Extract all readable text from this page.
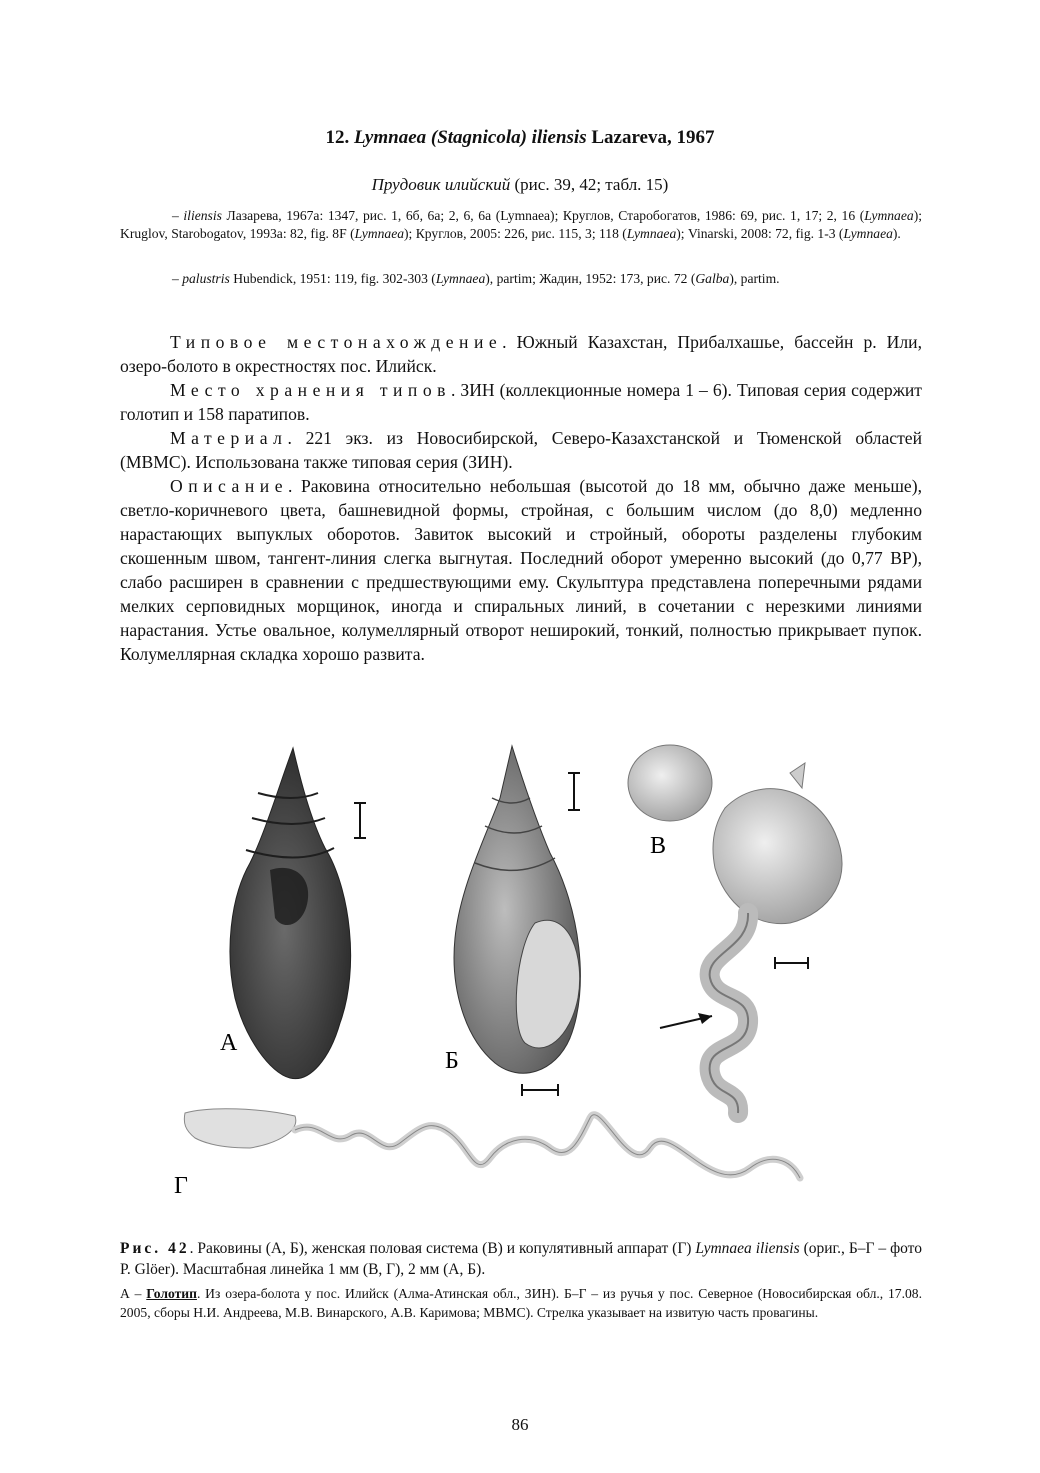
12. Lymnaea (Stagnicola) iliensis Lazareva, 1967
Прудовик илийский (рис. 39, 42; табл. 15)
– iliensis Лазарева, 1967а: 1347, рис. 1, 6б, 6а; 2, 6, 6а (Lymnaea); Круглов, Старобогатов, 1986: 69, рис. 1, 17; 2, 16 (Lymnaea); Kruglov, Starobogatov, 1993a: 82, fig. 8F (Lymnaea); Круглов, 2005: 226, рис. 115, 3; 118 (Lymnaea); Vinarski, 2008: 72, fig. 1-3 (Lymnaea).
– palustris Hubendick, 1951: 119, fig. 302-303 (Lymnaea), partim; Жадин, 1952: 173, рис. 72 (Galba), partim.

Типовое местонахождение. Южный Казахстан, Прибалхашье, бассейн р. Или, озеро-болото в окрестностях пос. Илийск.

Место хранения типов. ЗИН (коллекционные номера 1 – 6). Типовая серия содержит голотип и 158 паратипов.

Материал. 221 экз. из Новосибирской, Северо-Казахстанской и Тюменской областей (МВМС). Использована также типовая серия (ЗИН).

Описание. Раковина относительно небольшая (высотой до 18 мм, обычно даже меньше), светло-коричневого цвета, башневидной формы, стройная, с большим числом (до 8,0) медленно нарастающих выпуклых оборотов. Завиток высокий и стройный, обороты разделены глубоким скошенным швом, тангент-линия слегка выгнутая. Последний оборот умеренно высокий (до 0,77 ВР), слабо расширен в сравнении с предшествующими ему. Скульптура представлена поперечными рядами мелких серповидных морщинок, иногда и спиральных линий, в сочетании с нерезкими линиями нарастания. Устье овальное, колумеллярный отворот неширокий, тонкий, полностью прикрывает пупок. Колумеллярная складка хорошо развита.

А
Б
В
Г
Рис. 42. Раковины (А, Б), женская половая система (В) и копулятивный аппарат (Г) Lymnaea iliensis (ориг., Б–Г – фото P. Glöer). Масштабная линейка 1 мм (В, Г), 2 мм (А, Б).
А – Голотип. Из озера-болота у пос. Илийск (Алма-Атинская обл., ЗИН). Б–Г – из ручья у пос. Северное (Новосибирская обл., 17.08. 2005, сборы Н.И. Андреева, М.В. Винарского, А.В. Каримова; МВМС). Стрелка указывает на извитую часть провагины.
86
